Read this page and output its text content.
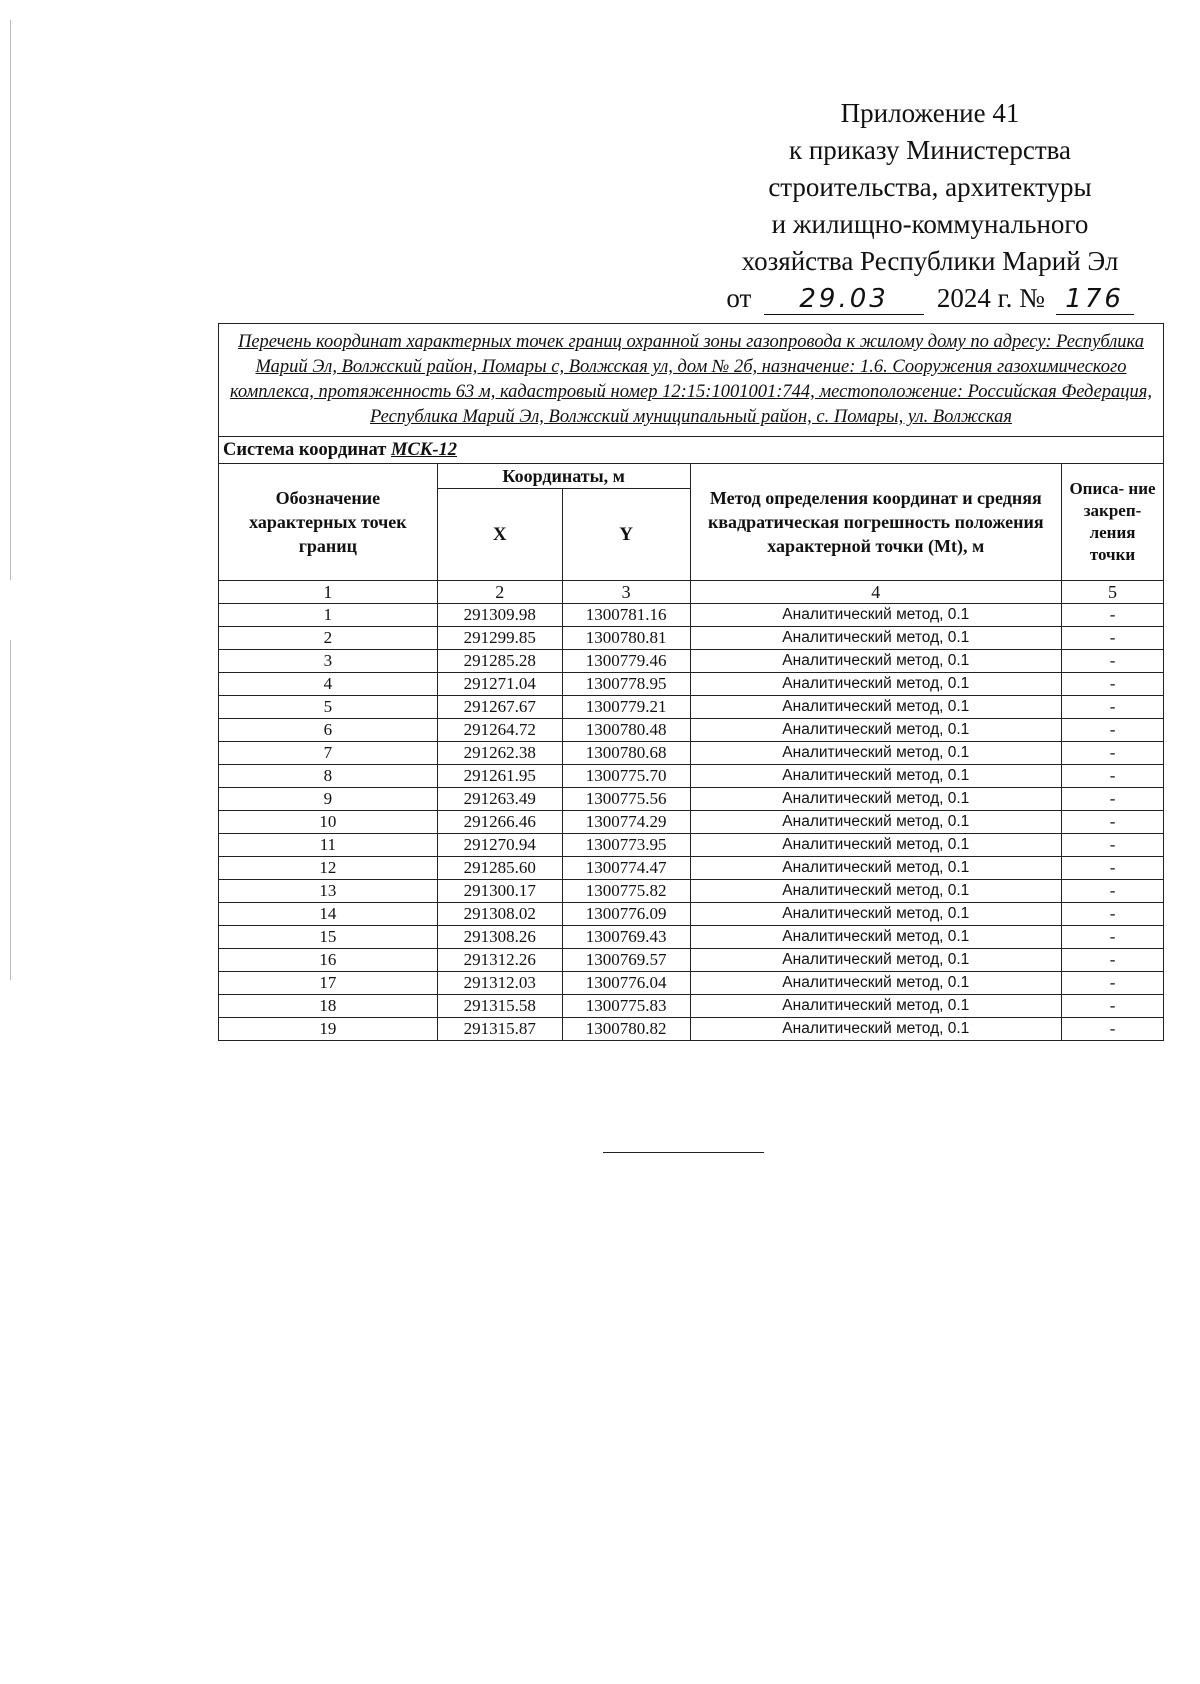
Приложение 41
к приказу Министерства
строительства, архитектуры
и жилищно-коммунального
хозяйства Республики Марий Эл
от 29.03 2024 г. № 176
Перечень координат характерных точек границ охранной зоны газопровода к жилому дому по адресу: Республика Марий Эл, Волжский район, Помары с, Волжская ул, дом № 2б, назначение: 1.6. Сооружения газохимического комплекса, протяженность 63 м, кадастровый номер 12:15:1001001:744, местоположение: Российская Федерация, Республика Марий Эл, Волжский муниципальный район, с. Помары, ул. Волжская				
Система координат МСК-12				
Обозначение характерных точек границ	Координаты, м		Метод определения координат и средняя квадратическая погрешность положения характерной точки (Mt), м	Описа- ние закреп- ления точки
	X	Y		
1	2	3	4	5
1	291309.98	1300781.16	Аналитический метод, 0.1	-
2	291299.85	1300780.81	Аналитический метод, 0.1	-
3	291285.28	1300779.46	Аналитический метод, 0.1	-
4	291271.04	1300778.95	Аналитический метод, 0.1	-
5	291267.67	1300779.21	Аналитический метод, 0.1	-
6	291264.72	1300780.48	Аналитический метод, 0.1	-
7	291262.38	1300780.68	Аналитический метод, 0.1	-
8	291261.95	1300775.70	Аналитический метод, 0.1	-
9	291263.49	1300775.56	Аналитический метод, 0.1	-
10	291266.46	1300774.29	Аналитический метод, 0.1	-
11	291270.94	1300773.95	Аналитический метод, 0.1	-
12	291285.60	1300774.47	Аналитический метод, 0.1	-
13	291300.17	1300775.82	Аналитический метод, 0.1	-
14	291308.02	1300776.09	Аналитический метод, 0.1	-
15	291308.26	1300769.43	Аналитический метод, 0.1	-
16	291312.26	1300769.57	Аналитический метод, 0.1	-
17	291312.03	1300776.04	Аналитический метод, 0.1	-
18	291315.58	1300775.83	Аналитический метод, 0.1	-
19	291315.87	1300780.82	Аналитический метод, 0.1	-
